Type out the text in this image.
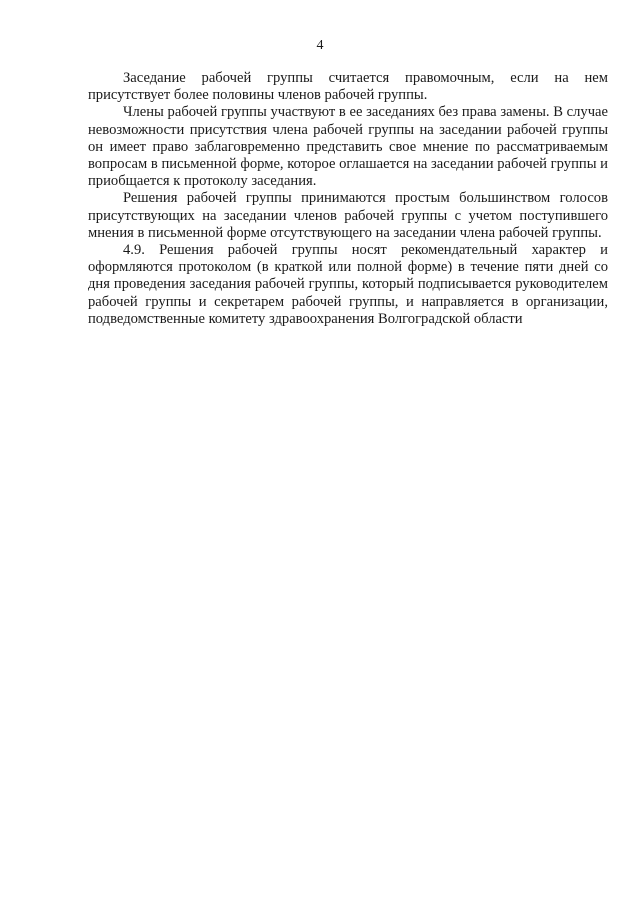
4

Заседание рабочей группы считается правомочным, если на нем присутствует более половины членов рабочей группы.

Члены рабочей группы участвуют в ее заседаниях без права замены. В случае невозможности присутствия члена рабочей группы на заседании рабочей группы он имеет право заблаговременно представить свое мнение по рассматриваемым вопросам в письменной форме, которое оглашается на заседании рабочей группы и приобщается к протоколу заседания.

Решения рабочей группы принимаются простым большинством голосов присутствующих на заседании членов рабочей группы с учетом поступившего мнения в письменной форме отсутствующего на заседании члена рабочей группы.

4.9. Решения рабочей группы носят рекомендательный характер и оформляются протоколом (в краткой или полной форме) в течение пяти дней со дня проведения заседания рабочей группы, который подписывается руководителем рабочей группы и секретарем рабочей группы, и направляется в организации, подведомственные комитету здравоохранения Волгоградской области
